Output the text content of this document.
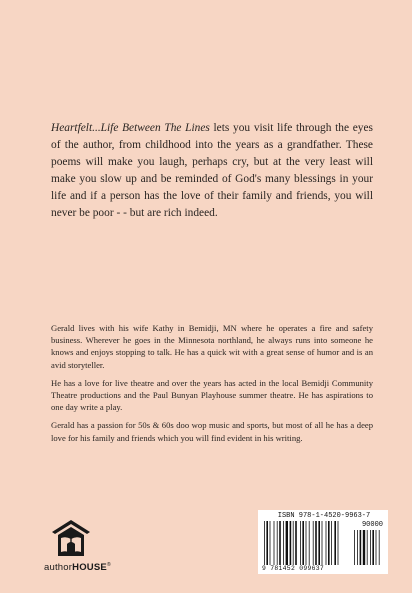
Heartfelt...Life Between The Lines lets you visit life through the eyes of the author, from childhood into the years as a grandfather. These poems will make you laugh, perhaps cry, but at the very least will make you slow up and be reminded of God's many blessings in your life and if a person has the love of their family and friends, you will never be poor - - but are rich indeed.

Gerald lives with his wife Kathy in Bemidji, MN where he operates a fire and safety business. Wherever he goes in the Minnesota northland, he always runs into someone he knows and enjoys stopping to talk. He has a quick wit with a great sense of humor and is an avid storyteller.

He has a love for live theatre and over the years has acted in the local Bemidji Community Theatre productions and the Paul Bunyan Playhouse summer theatre. He has aspirations to one day write a play.

Gerald has a passion for 50s & 60s doo wop music and sports, but most of all he has a deep love for his family and friends which you will find evident in his writing.

authorHOUSE®
ISBN 978-1-4520-9963-7
90000
9 781452 099637
